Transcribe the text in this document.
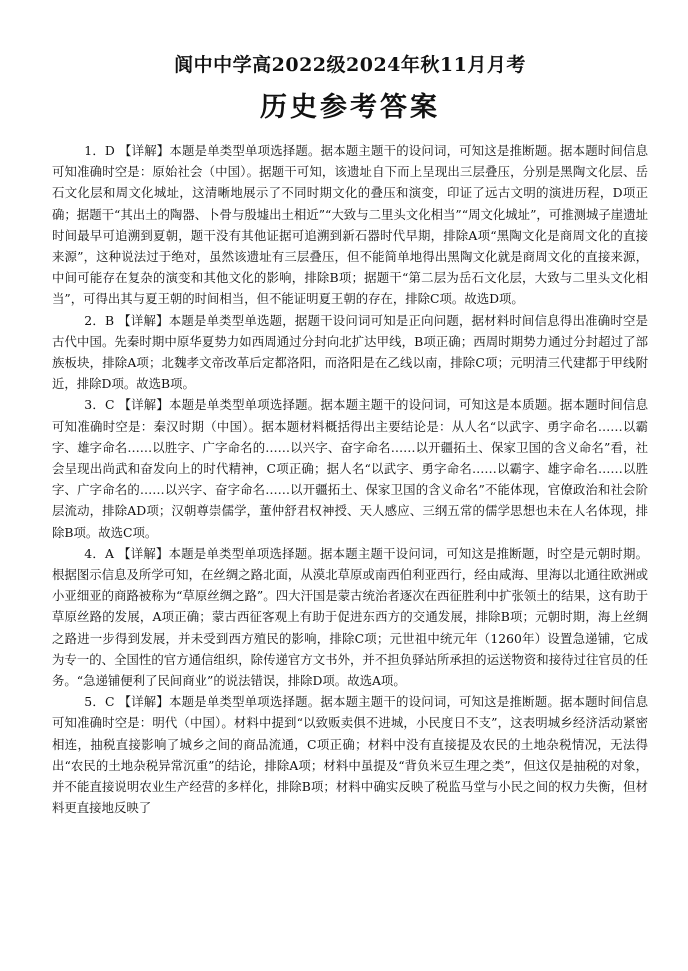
阆中中学高2022级2024年秋11月月考
历史参考答案

1．D 【详解】本题是单类型单项选择题。据本题主题干的设问词，可知这是推断题。据本题时间信息可知准确时空是：原始社会（中国）。据题干可知，该遗址自下而上呈现出三层叠压，分别是黑陶文化层、岳石文化层和周文化城址，这清晰地展示了不同时期文化的叠压和演变，印证了远古文明的演进历程，D项正确；据题干“其出土的陶器、卜骨与殷墟出土相近”“大致与二里头文化相当”“周文化城址”，可推测城子崖遗址时间最早可追溯到夏朝，题干没有其他证据可追溯到新石器时代早期，排除A项“黑陶文化是商周文化的直接来源”，这种说法过于绝对，虽然该遗址有三层叠压，但不能简单地得出黑陶文化就是商周文化的直接来源，中间可能存在复杂的演变和其他文化的影响，排除B项；据题干“第二层为岳石文化层，大致与二里头文化相当”，可得出其与夏王朝的时间相当，但不能证明夏王朝的存在，排除C项。故选D项。

2．B 【详解】本题是单类型单选题，据题干设问词可知是正向问题，据材料时间信息得出准确时空是古代中国。先秦时期中原华夏势力如西周通过分封向北扩达甲线，B项正确；西周时期势力通过分封超过了部族板块，排除A项；北魏孝文帝改革后定都洛阳，而洛阳是在乙线以南，排除C项；元明清三代建都于甲线附近，排除D项。故选B项。

3．C 【详解】本题是单类型单项选择题。据本题主题干的设问词，可知这是本质题。据本题时间信息可知准确时空是：秦汉时期（中国）。据本题材料概括得出主要结论是：从人名“以武字、勇字命名……以霸字、雄字命名……以胜字、广字命名的……以兴字、奋字命名……以开疆拓土、保家卫国的含义命名”看，社会呈现出尚武和奋发向上的时代精神，C项正确；据人名“以武字、勇字命名……以霸字、雄字命名……以胜字、广字命名的……以兴字、奋字命名……以开疆拓土、保家卫国的含义命名”不能体现，官僚政治和社会阶层流动，排除AD项；汉朝尊崇儒学，董仲舒君权神授、天人感应、三纲五常的儒学思想也未在人名体现，排除B项。故选C项。

4．A 【详解】本题是单类型单项选择题。据本题主题干设问词，可知这是推断题，时空是元朝时期。根据图示信息及所学可知，在丝绸之路北面，从漠北草原或南西伯利亚西行，经由咸海、里海以北通往欧洲或小亚细亚的商路被称为“草原丝绸之路”。四大汗国是蒙古统治者逐次在西征胜利中扩张领土的结果，这有助于草原丝路的发展，A项正确；蒙古西征客观上有助于促进东西方的交通发展，排除B项；元朝时期，海上丝绸之路进一步得到发展，并未受到西方殖民的影响，排除C项；元世祖中统元年（1260年）设置急递铺，它成为专一的、全国性的官方通信组织，除传递官方文书外，并不担负驿站所承担的运送物资和接待过往官员的任务。“急递铺便利了民间商业”的说法错误，排除D项。故选A项。

5．C 【详解】本题是单类型单项选择题。据本题主题干的设问词，可知这是推断题。据本题时间信息可知准确时空是：明代（中国）。材料中提到“以致贩卖俱不进城，小民度日不支”，这表明城乡经济活动紧密相连，抽税直接影响了城乡之间的商品流通，C项正确；材料中没有直接提及农民的土地杂税情况，无法得出“农民的土地杂税异常沉重”的结论，排除A项；材料中虽提及“背负米豆生理之类”，但这仅是抽税的对象，并不能直接说明农业生产经营的多样化，排除B项；材料中确实反映了税监马堂与小民之间的权力失衡，但材料更直接地反映了
